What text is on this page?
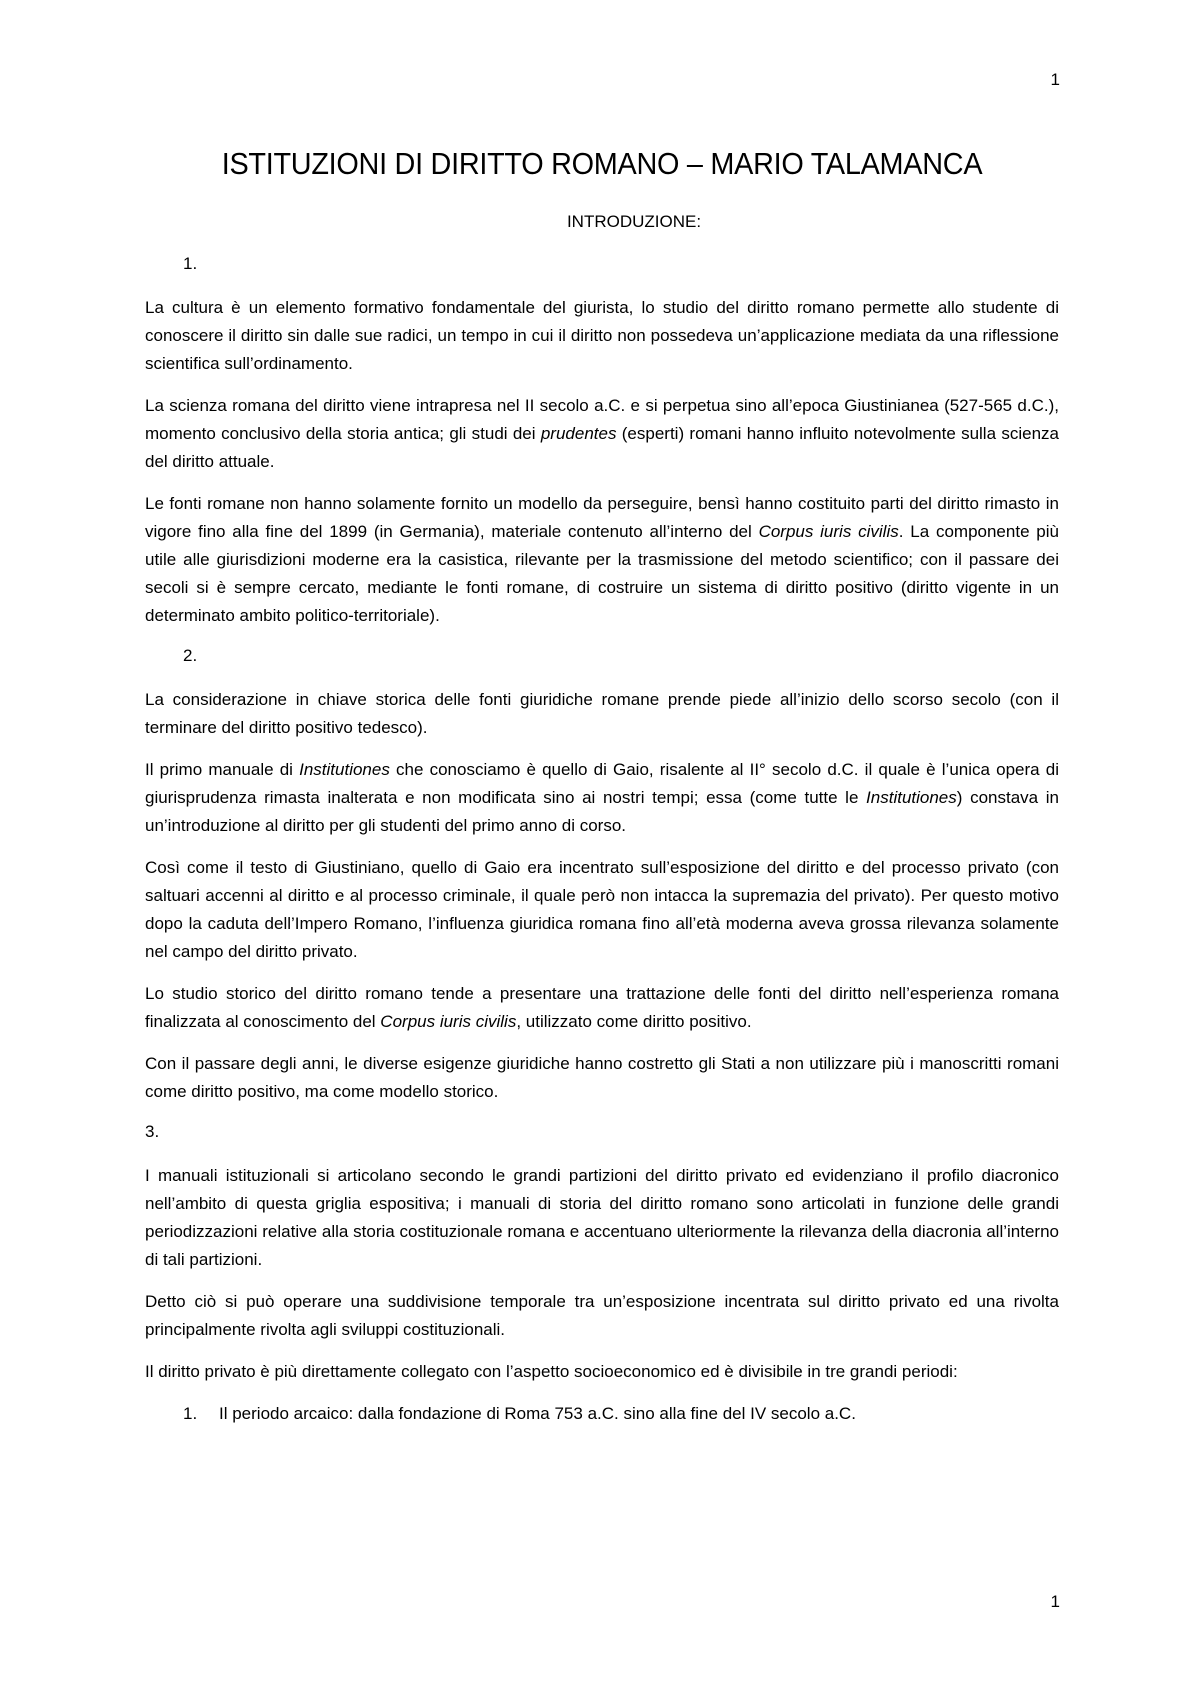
1
ISTITUZIONI DI DIRITTO ROMANO – MARIO TALAMANCA
INTRODUZIONE:
1.

La cultura è un elemento formativo fondamentale del giurista, lo studio del diritto romano permette allo studente di conoscere il diritto sin dalle sue radici, un tempo in cui il diritto non possedeva un’applicazione mediata da una riflessione scientifica sull’ordinamento.

La scienza romana del diritto viene intrapresa nel II secolo a.C. e si perpetua sino all’epoca Giustinianea (527-565 d.C.), momento conclusivo della storia antica; gli studi dei prudentes (esperti) romani hanno influito notevolmente sulla scienza del diritto attuale.

Le fonti romane non hanno solamente fornito un modello da perseguire, bensì hanno costituito parti del diritto rimasto in vigore fino alla fine del 1899 (in Germania), materiale contenuto all’interno del Corpus iuris civilis. La componente più utile alle giurisdizioni moderne era la casistica, rilevante per la trasmissione del metodo scientifico; con il passare dei secoli si è sempre cercato, mediante le fonti romane, di costruire un sistema di diritto positivo (diritto vigente in un determinato ambito politico-territoriale).

2.

La considerazione in chiave storica delle fonti giuridiche romane prende piede all’inizio dello scorso secolo (con il terminare del diritto positivo tedesco).

Il primo manuale di Institutiones che conosciamo è quello di Gaio, risalente al II° secolo d.C. il quale è l’unica opera di giurisprudenza rimasta inalterata e non modificata sino ai nostri tempi; essa (come tutte le Institutiones) constava in un’introduzione al diritto per gli studenti del primo anno di corso.

Così come il testo di Giustiniano, quello di Gaio era incentrato sull’esposizione del diritto e del processo privato (con saltuari accenni al diritto e al processo criminale, il quale però non intacca la supremazia del privato). Per questo motivo dopo la caduta dell’Impero Romano, l’influenza giuridica romana fino all’età moderna aveva grossa rilevanza solamente nel campo del diritto privato.

Lo studio storico del diritto romano tende a presentare una trattazione delle fonti del diritto nell’esperienza romana finalizzata al conoscimento del Corpus iuris civilis, utilizzato come diritto positivo.

Con il passare degli anni, le diverse esigenze giuridiche hanno costretto gli Stati a non utilizzare più i manoscritti romani come diritto positivo, ma come modello storico.

3.

I manuali istituzionali si articolano secondo le grandi partizioni del diritto privato ed evidenziano il profilo diacronico nell’ambito di questa griglia espositiva; i manuali di storia del diritto romano sono articolati in funzione delle grandi periodizzazioni relative alla storia costituzionale romana e accentuano ulteriormente la rilevanza della diacronia all’interno di tali partizioni.

Detto ciò si può operare una suddivisione temporale tra un’esposizione incentrata sul diritto privato ed una rivolta principalmente rivolta agli sviluppi costituzionali.

Il diritto privato è più direttamente collegato con l’aspetto socioeconomico ed è divisibile in tre grandi periodi:

1. Il periodo arcaico: dalla fondazione di Roma 753 a.C. sino alla fine del IV secolo a.C.
1
